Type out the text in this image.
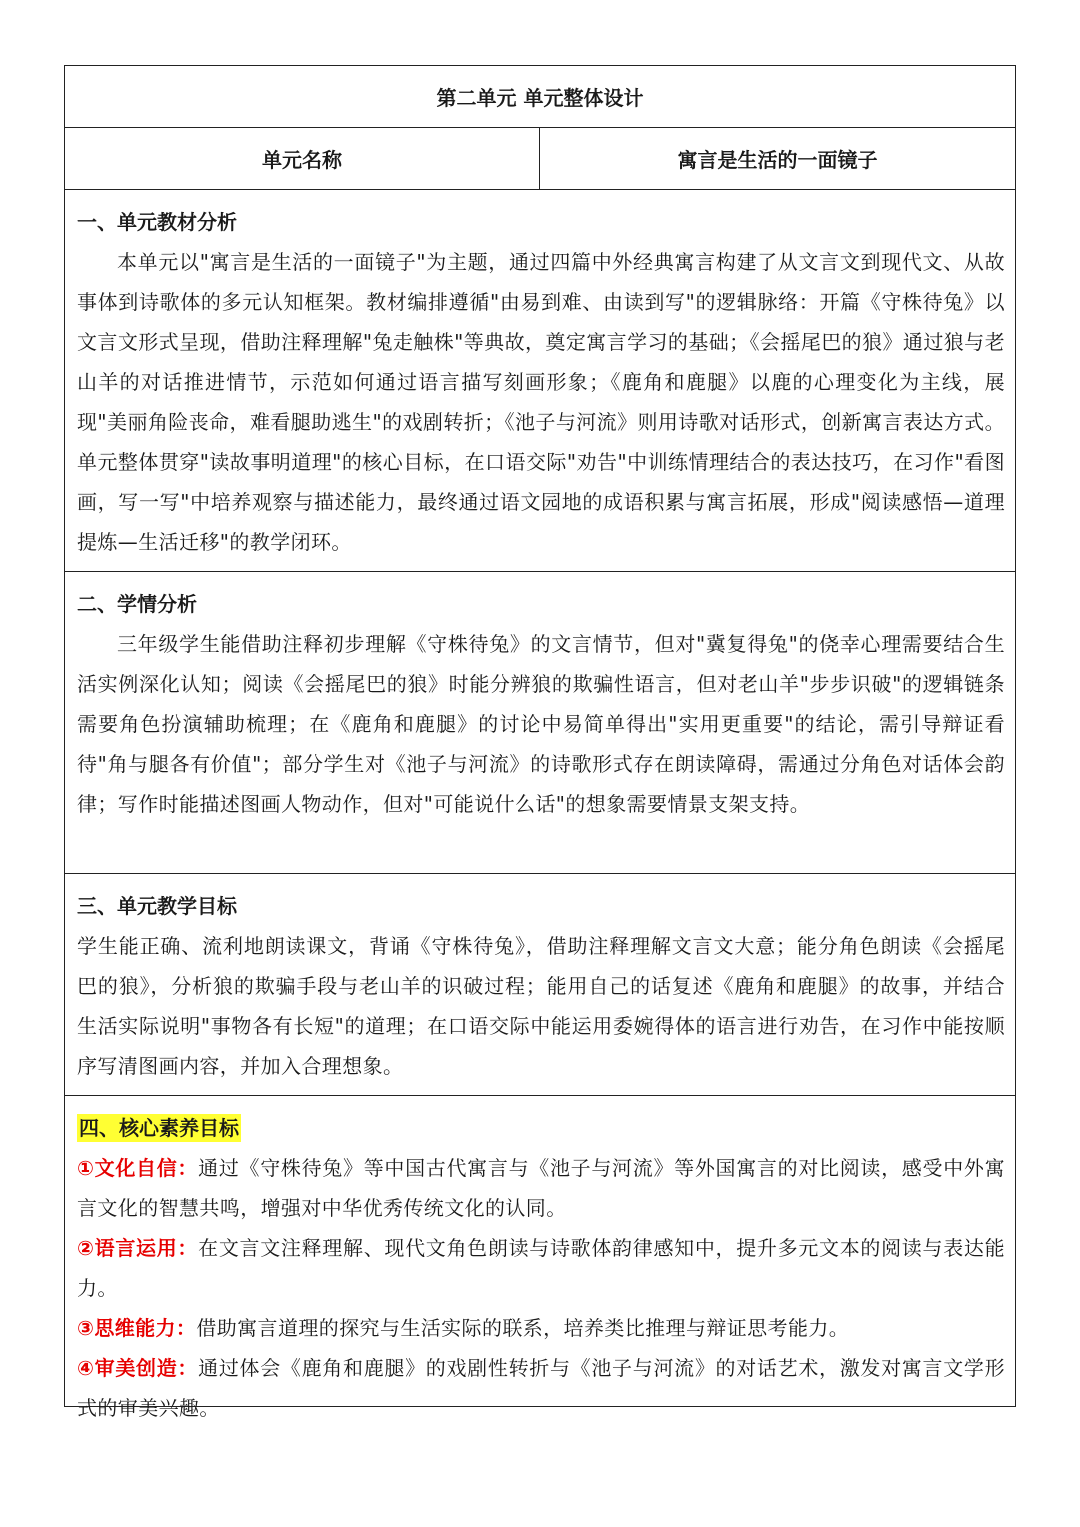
第二单元 单元整体设计
单元名称	寓言是生活的一面镜子
一、单元教材分析
本单元以"寓言是生活的一面镜子"为主题，通过四篇中外经典寓言构建了从文言文到现代文、从故事体到诗歌体的多元认知框架。教材编排遵循"由易到难、由读到写"的逻辑脉络：开篇《守株待兔》以文言文形式呈现，借助注释理解"兔走触株"等典故，奠定寓言学习的基础；《会摇尾巴的狼》通过狼与老山羊的对话推进情节，示范如何通过语言描写刻画形象；《鹿角和鹿腿》以鹿的心理变化为主线，展现"美丽角险丧命，难看腿助逃生"的戏剧转折；《池子与河流》则用诗歌对话形式，创新寓言表达方式。单元整体贯穿"读故事明道理"的核心目标，在口语交际"劝告"中训练情理结合的表达技巧，在习作"看图画，写一写"中培养观察与描述能力，最终通过语文园地的成语积累与寓言拓展，形成"阅读感悟—道理提炼—生活迁移"的教学闭环。
二、学情分析
三年级学生能借助注释初步理解《守株待兔》的文言情节，但对"冀复得兔"的侥幸心理需要结合生活实例深化认知；阅读《会摇尾巴的狼》时能分辨狼的欺骗性语言，但对老山羊"步步识破"的逻辑链条需要角色扮演辅助梳理；在《鹿角和鹿腿》的讨论中易简单得出"实用更重要"的结论，需引导辩证看待"角与腿各有价值"；部分学生对《池子与河流》的诗歌形式存在朗读障碍，需通过分角色对话体会韵律；写作时能描述图画人物动作，但对"可能说什么话"的想象需要情景支架支持。
三、单元教学目标
学生能正确、流利地朗读课文，背诵《守株待兔》，借助注释理解文言文大意；能分角色朗读《会摇尾巴的狼》，分析狼的欺骗手段与老山羊的识破过程；能用自己的话复述《鹿角和鹿腿》的故事，并结合生活实际说明"事物各有长短"的道理；在口语交际中能运用委婉得体的语言进行劝告，在习作中能按顺序写清图画内容，并加入合理想象。
四、核心素养目标
①文化自信：通过《守株待兔》等中国古代寓言与《池子与河流》等外国寓言的对比阅读，感受中外寓言文化的智慧共鸣，增强对中华优秀传统文化的认同。
②语言运用：在文言文注释理解、现代文角色朗读与诗歌体韵律感知中，提升多元文本的阅读与表达能力。
③思维能力：借助寓言道理的探究与生活实际的联系，培养类比推理与辩证思考能力。
④审美创造：通过体会《鹿角和鹿腿》的戏剧性转折与《池子与河流》的对话艺术，激发对寓言文学形式的审美兴趣。
